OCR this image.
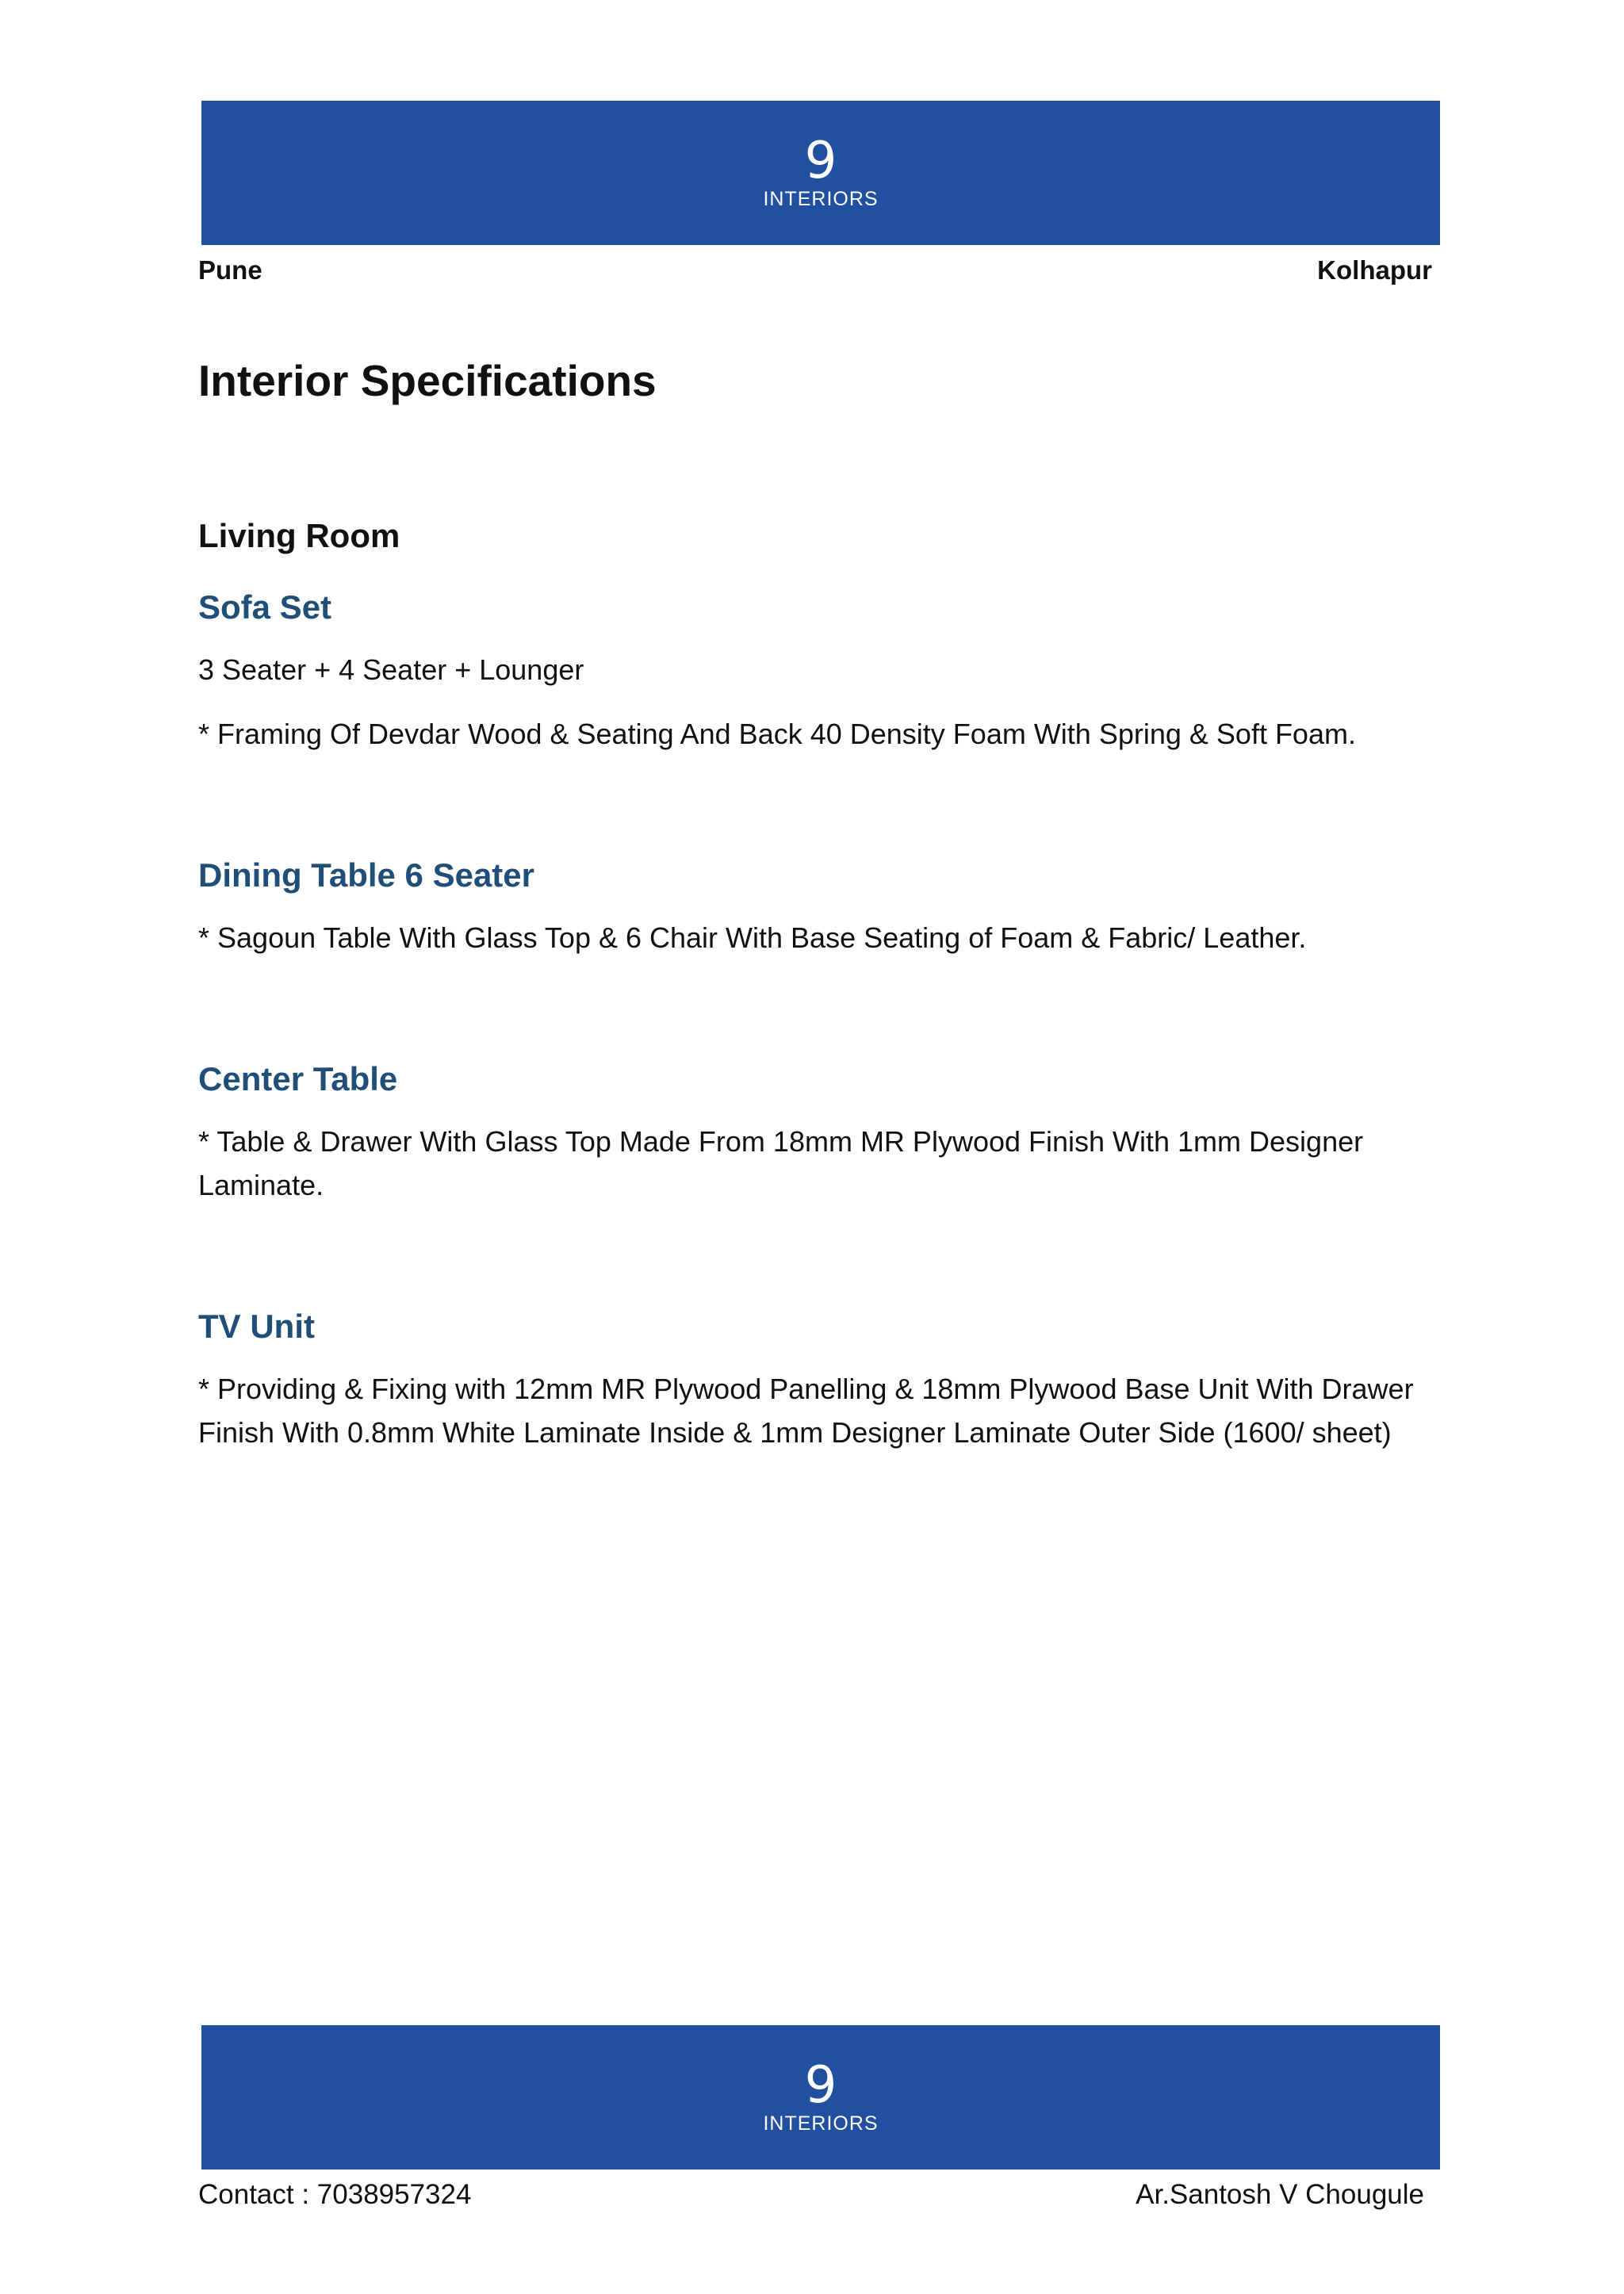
9
INTERIORS
Pune	Kolhapur
Interior Specifications
Living Room
Sofa Set

3 Seater + 4 Seater + Lounger

* Framing Of Devdar Wood & Seating And Back 40 Density Foam With Spring & Soft Foam.

Dining Table 6 Seater

* Sagoun Table With Glass Top & 6 Chair With Base Seating of Foam & Fabric/ Leather.

Center Table

* Table & Drawer With Glass Top Made From 18mm MR Plywood Finish With 1mm Designer Laminate.

TV Unit

* Providing & Fixing with 12mm MR Plywood Panelling & 18mm Plywood Base Unit With Drawer Finish With 0.8mm White Laminate Inside & 1mm Designer Laminate Outer Side (1600/ sheet)

9
INTERIORS
Contact : 7038957324	Ar.Santosh V Chougule
